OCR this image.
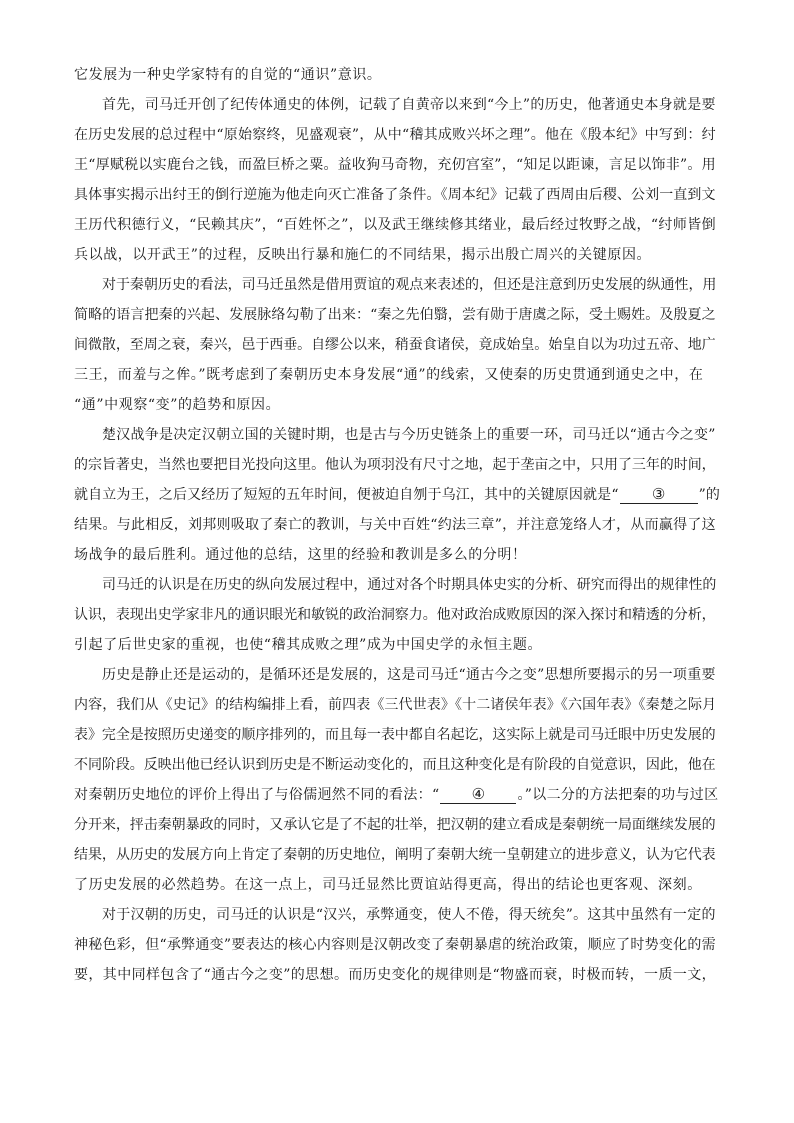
它发展为一种史学家特有的自觉的“通识”意识。
首先，司马迁开创了纪传体通史的体例，记载了自黄帝以来到“今上”的历史，他著通史本身就是要
在历史发展的总过程中“原始察终，见盛观衰”，从中“稽其成败兴坏之理”。他在《殷本纪》中写到：纣
王“厚赋税以实鹿台之钱，而盈巨桥之粟。益收狗马奇物，充仞宫室”，“知足以距谏，言足以饰非”。用
具体事实揭示出纣王的倒行逆施为他走向灭亡准备了条件。《周本纪》记载了西周由后稷、公刘一直到文
王历代积德行义，“民赖其庆”，“百姓怀之”，以及武王继续修其绪业，最后经过牧野之战，“纣师皆倒
兵以战，以开武王”的过程，反映出行暴和施仁的不同结果，揭示出殷亡周兴的关键原因。
对于秦朝历史的看法，司马迁虽然是借用贾谊的观点来表述的，但还是注意到历史发展的纵通性，用
简略的语言把秦的兴起、发展脉络勾勒了出来：“秦之先伯翳，尝有勋于唐虞之际，受土赐姓。及殷夏之
间微散，至周之衰，秦兴，邑于西垂。自缪公以来，稍蚕食诸侯，竟成始皇。始皇自以为功过五帝、地广
三王，而羞与之侔。”既考虑到了秦朝历史本身发展“通”的线索，又使秦的历史贯通到通史之中，在
“通”中观察“变”的趋势和原因。
楚汉战争是决定汉朝立国的关键时期，也是古与今历史链条上的重要一环，司马迁以“通古今之变”
的宗旨著史，当然也要把目光投向这里。他认为项羽没有尺寸之地，起于垄亩之中，只用了三年的时间，
就自立为王，之后又经历了短短的五年时间，便被迫自刎于乌江，其中的关键原因就是“ ③ ”的
结果。与此相反，刘邦则吸取了秦亡的教训，与关中百姓“约法三章”，并注意笼络人才，从而赢得了这
场战争的最后胜利。通过他的总结，这里的经验和教训是多么的分明！
司马迁的认识是在历史的纵向发展过程中，通过对各个时期具体史实的分析、研究而得出的规律性的
认识，表现出史学家非凡的通识眼光和敏锐的政治洞察力。他对政治成败原因的深入探讨和精透的分析，
引起了后世史家的重视，也使“稽其成败之理”成为中国史学的永恒主题。
历史是静止还是运动的，是循环还是发展的，这是司马迁“通古今之变”思想所要揭示的另一项重要
内容，我们从《史记》的结构编排上看，前四表《三代世表》《十二诸侯年表》《六国年表》《秦楚之际月
表》完全是按照历史递变的顺序排列的，而且每一表中都自名起讫，这实际上就是司马迁眼中历史发展的
不同阶段。反映出他已经认识到历史是不断运动变化的，而且这种变化是有阶段的自觉意识，因此，他在
对秦朝历史地位的评价上得出了与俗儒迥然不同的看法：“ ④ 。”以二分的方法把秦的功与过区
分开来，抨击秦朝暴政的同时，又承认它是了不起的壮举，把汉朝的建立看成是秦朝统一局面继续发展的
结果，从历史的发展方向上肯定了秦朝的历史地位，阐明了秦朝大统一皇朝建立的进步意义，认为它代表
了历史发展的必然趋势。在这一点上，司马迁显然比贾谊站得更高，得出的结论也更客观、深刻。
对于汉朝的历史，司马迁的认识是“汉兴，承弊通变，使人不倦，得天统矣”。这其中虽然有一定的
神秘色彩，但“承弊通变”要表达的核心内容则是汉朝改变了秦朝暴虐的统治政策，顺应了时势变化的需
要，其中同样包含了“通古今之变”的思想。而历史变化的规律则是“物盛而衰，时极而转，一质一文，
